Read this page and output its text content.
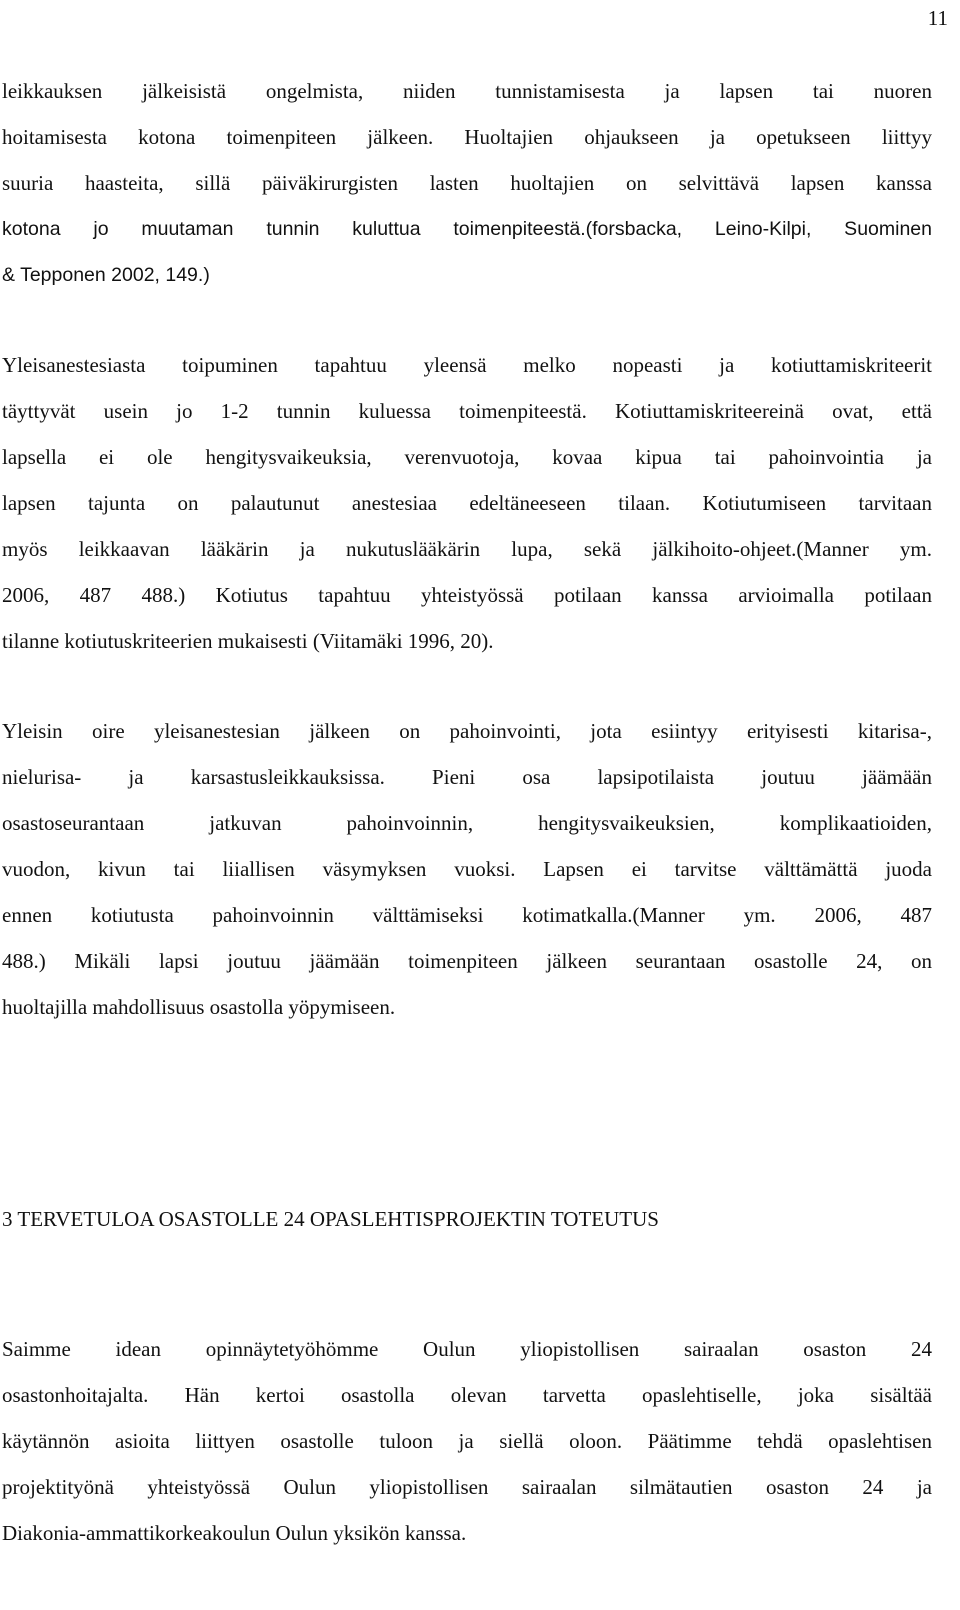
11
leikkauksen jälkeisistä ongelmista, niiden tunnistamisesta ja lapsen tai nuoren
hoitamisesta kotona toimenpiteen jälkeen. Huoltajien ohjaukseen ja opetukseen liittyy
suuria haasteita, sillä päiväkirurgisten lasten huoltajien on selvittävä lapsen kanssa
kotona jo muutaman tunnin kuluttua toimenpiteestä.(forsbacka, Leino-Kilpi, Suominen
& Tepponen 2002, 149.)
Yleisanestesiasta toipuminen tapahtuu yleensä melko nopeasti ja kotiuttamiskriteerit
täyttyvät usein jo 1-2 tunnin kuluessa toimenpiteestä. Kotiuttamiskriteereinä ovat, että
lapsella ei ole hengitysvaikeuksia, verenvuotoja, kovaa kipua tai pahoinvointia ja
lapsen tajunta on palautunut anestesiaa edeltäneeseen tilaan. Kotiutumiseen tarvitaan
myös leikkaavan lääkärin ja nukutuslääkärin lupa, sekä jälkihoito-ohjeet.(Manner ym.
2006, 487 488.) Kotiutus tapahtuu yhteistyössä potilaan kanssa arvioimalla potilaan
tilanne kotiutuskriteerien mukaisesti (Viitamäki 1996, 20).
Yleisin oire yleisanestesian jälkeen on pahoinvointi, jota esiintyy erityisesti kitarisa-,
nielurisa- ja karsastusleikkauksissa. Pieni osa lapsipotilaista joutuu jäämään
osastoseurantaan jatkuvan pahoinvoinnin, hengitysvaikeuksien, komplikaatioiden,
vuodon, kivun tai liiallisen väsymyksen vuoksi. Lapsen ei tarvitse välttämättä juoda
ennen kotiutusta pahoinvoinnin välttämiseksi kotimatkalla.(Manner ym. 2006, 487
488.) Mikäli lapsi joutuu jäämään toimenpiteen jälkeen seurantaan osastolle 24, on
huoltajilla mahdollisuus osastolla yöpymiseen.
3 TERVETULOA OSASTOLLE 24 OPASLEHTISPROJEKTIN TOTEUTUS
Saimme idean opinnäytetyöhömme Oulun yliopistollisen sairaalan osaston 24
osastonhoitajalta. Hän kertoi osastolla olevan tarvetta opaslehtiselle, joka sisältää
käytännön asioita liittyen osastolle tuloon ja siellä oloon. Päätimme tehdä opaslehtisen
projektityönä yhteistyössä Oulun yliopistollisen sairaalan silmätautien osaston 24 ja
Diakonia-ammattikorkeakoulun Oulun yksikön kanssa.
